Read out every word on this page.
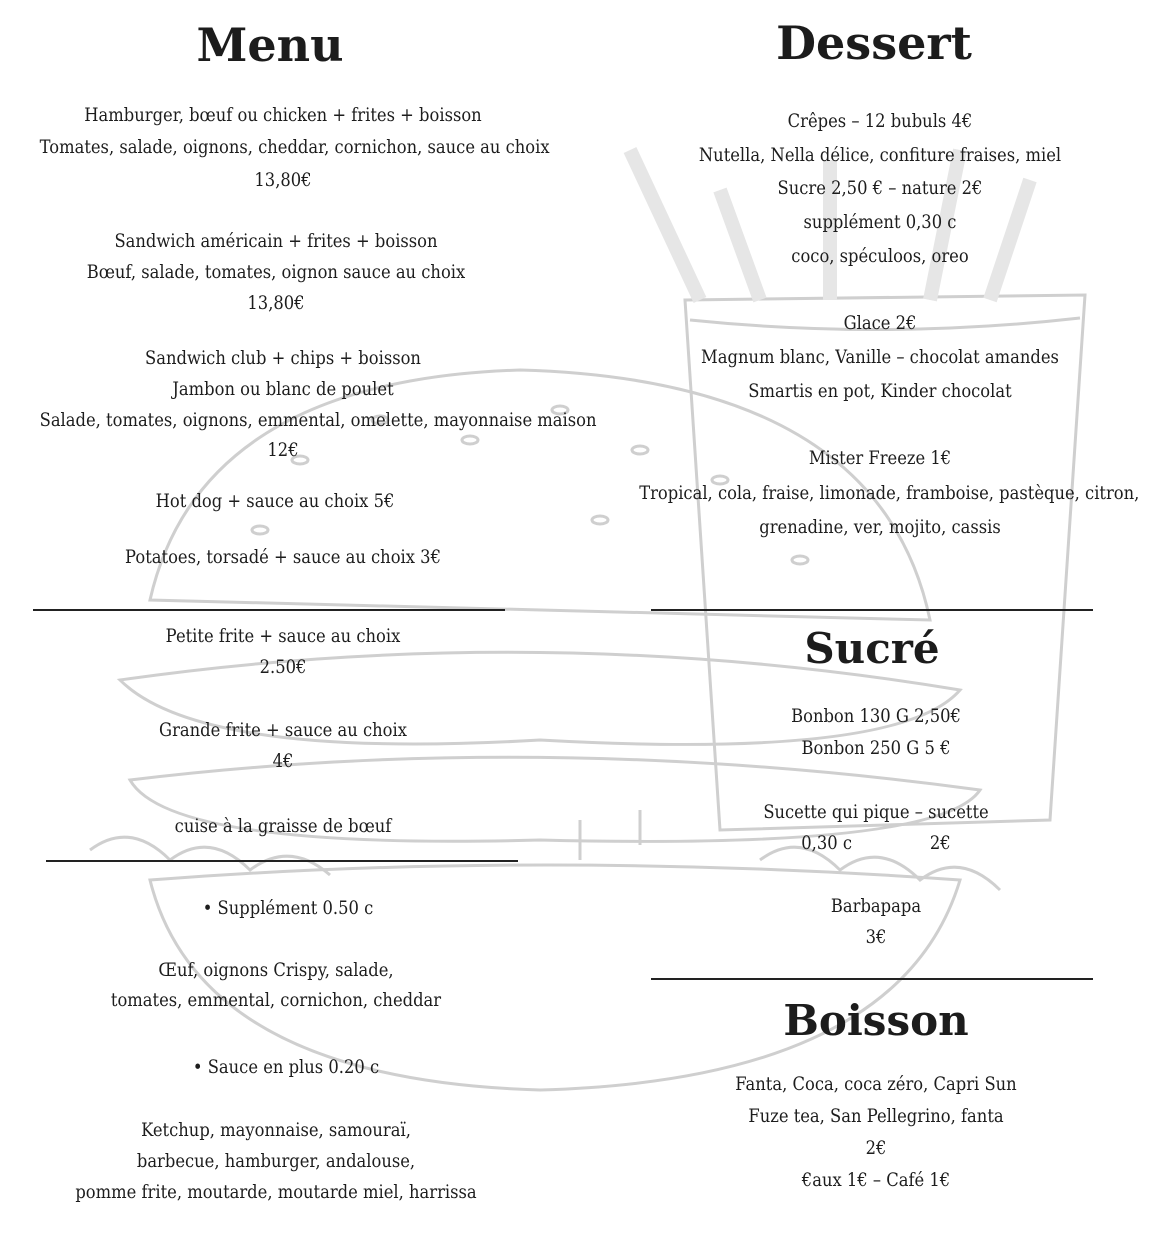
Menu
Hamburger, bœuf ou chicken + frites + boisson
Tomates, salade, oignons, cheddar, cornichon, sauce au choix
13,80€
Sandwich américain + frites + boisson
Bœuf, salade, tomates, oignon sauce au choix
13,80€
Sandwich club + chips + boisson
Jambon ou blanc de poulet
Salade, tomates, oignons, emmental, omelette, mayonnaise maison
12€
Hot dog + sauce au choix 5€
Potatoes, torsadé + sauce au choix 3€
Petite frite + sauce au choix
2.50€
Grande frite + sauce au choix
4€
cuise à la graisse de bœuf
• Supplément 0.50 c
Œuf, oignons Crispy, salade,
tomates, emmental, cornichon, cheddar
• Sauce en plus 0.20 c
Ketchup, mayonnaise, samouraï,
barbecue, hamburger, andalouse,
pomme frite, moutarde, moutarde miel, harrissa
Dessert
Crêpes – 12 bubuls 4€
Nutella, Nella délice, confiture fraises, miel
Sucre 2,50 € – nature 2€
supplément 0,30 c
coco, spéculoos, oreo
Glace 2€
Magnum blanc, Vanille – chocolat amandes
Smartis en pot, Kinder chocolat
Mister Freeze 1€
Tropical, cola, fraise, limonade, framboise, pastèque, citron,
grenadine, ver, mojito, cassis
Sucré
Bonbon 130 G 2,50€
Bonbon 250 G 5 €
Sucette qui pique – sucette
0,30 c               2€
Barbapapa
3€
Boisson
Fanta, Coca, coca zéro, Capri Sun
Fuze tea, San Pellegrino, fanta
2€
€aux 1€ – Café 1€
